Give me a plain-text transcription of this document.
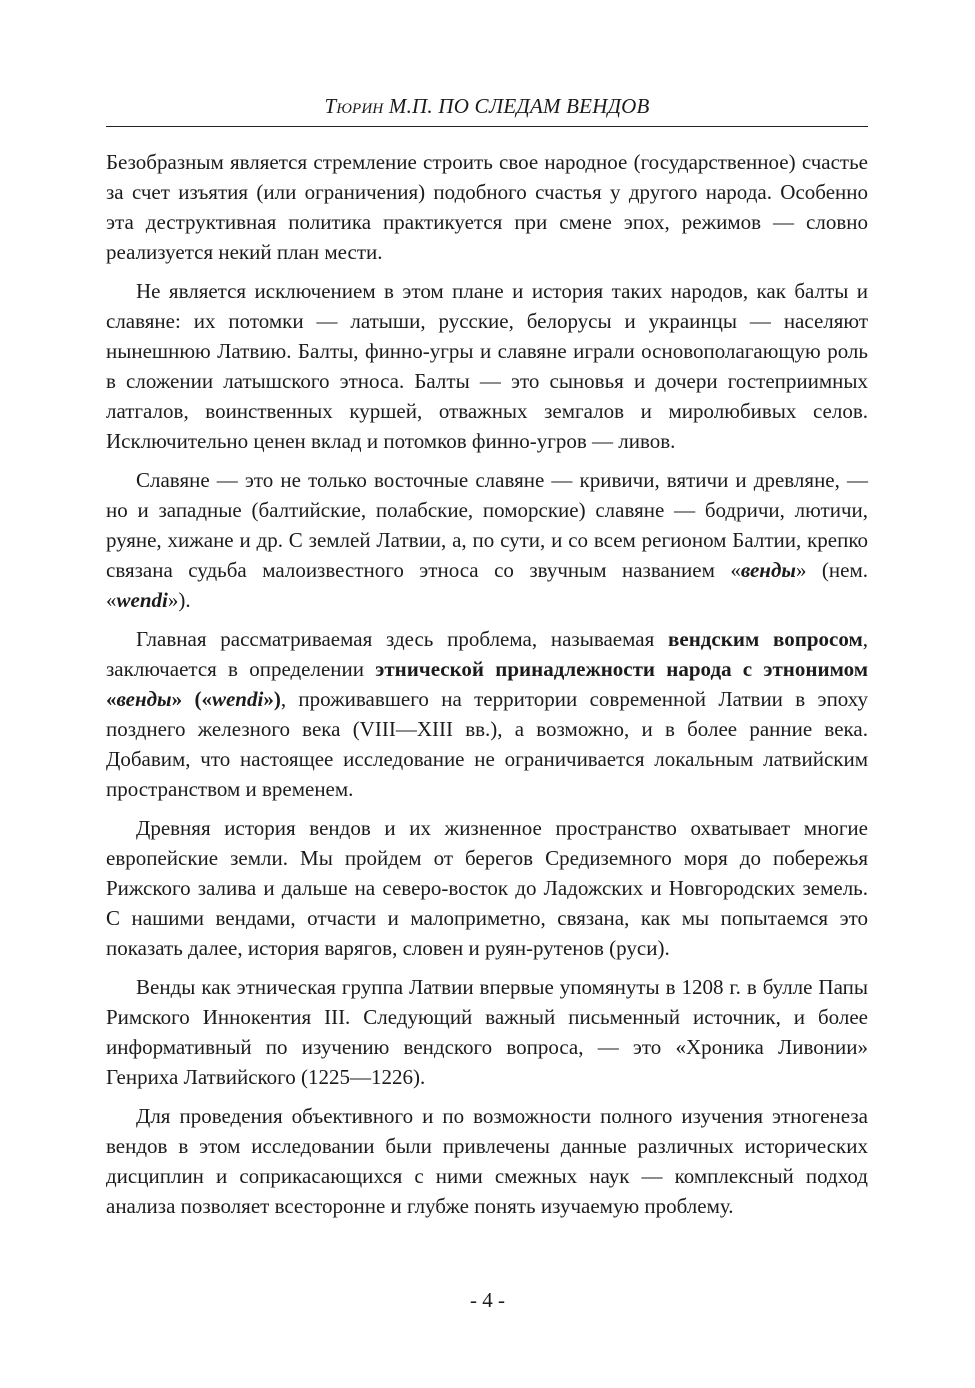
Тюрин М.П. ПО СЛЕДАМ ВЕНДОВ

Безобразным является стремление строить свое народное (государственное) счастье за счет изъятия (или ограничения) подобного счастья у другого народа. Особенно эта деструктивная политика практикуется при смене эпох, режимов — словно реализуется некий план мести.

Не является исключением в этом плане и история таких народов, как балты и славяне: их потомки — латыши, русские, белорусы и украинцы — населяют нынешнюю Латвию. Балты, финно-угры и славяне играли основополагающую роль в сложении латышского этноса. Балты — это сыновья и дочери гостеприимных латгалов, воинственных куршей, отважных земгалов и миролюбивых селов. Исключительно ценен вклад и потомков финно-угров — ливов.

Славяне — это не только восточные славяне — кривичи, вятичи и древляне, — но и западные (балтийские, полабские, поморские) славяне — бодричи, лютичи, руяне, хижане и др. С землей Латвии, а, по сути, и со всем регионом Балтии, крепко связана судьба малоизвестного этноса со звучным названием «венды» (нем. «wendi»).

Главная рассматриваемая здесь проблема, называемая вендским вопросом, заключается в определении этнической принадлежности народа с этнонимом «венды» («wendi»), проживавшего на территории современной Латвии в эпоху позднего железного века (VIII—XIII вв.), а возможно, и в более ранние века. Добавим, что настоящее исследование не ограничивается локальным латвийским пространством и временем.

Древняя история вендов и их жизненное пространство охватывает многие европейские земли. Мы пройдем от берегов Средиземного моря до побережья Рижского залива и дальше на северо-восток до Ладожских и Новгородских земель. С нашими вендами, отчасти и малоприметно, связана, как мы попытаемся это показать далее, история варягов, словен и руян-рутенов (руси).

Венды как этническая группа Латвии впервые упомянуты в 1208 г. в булле Папы Римского Иннокентия III. Следующий важный письменный источник, и более информативный по изучению вендского вопроса, — это «Хроника Ливонии» Генриха Латвийского (1225—1226).

Для проведения объективного и по возможности полного изучения этногенеза вендов в этом исследовании были привлечены данные различных исторических дисциплин и соприкасающихся с ними смежных наук — комплексный подход анализа позволяет всесторонне и глубже понять изучаемую проблему.

- 4 -
